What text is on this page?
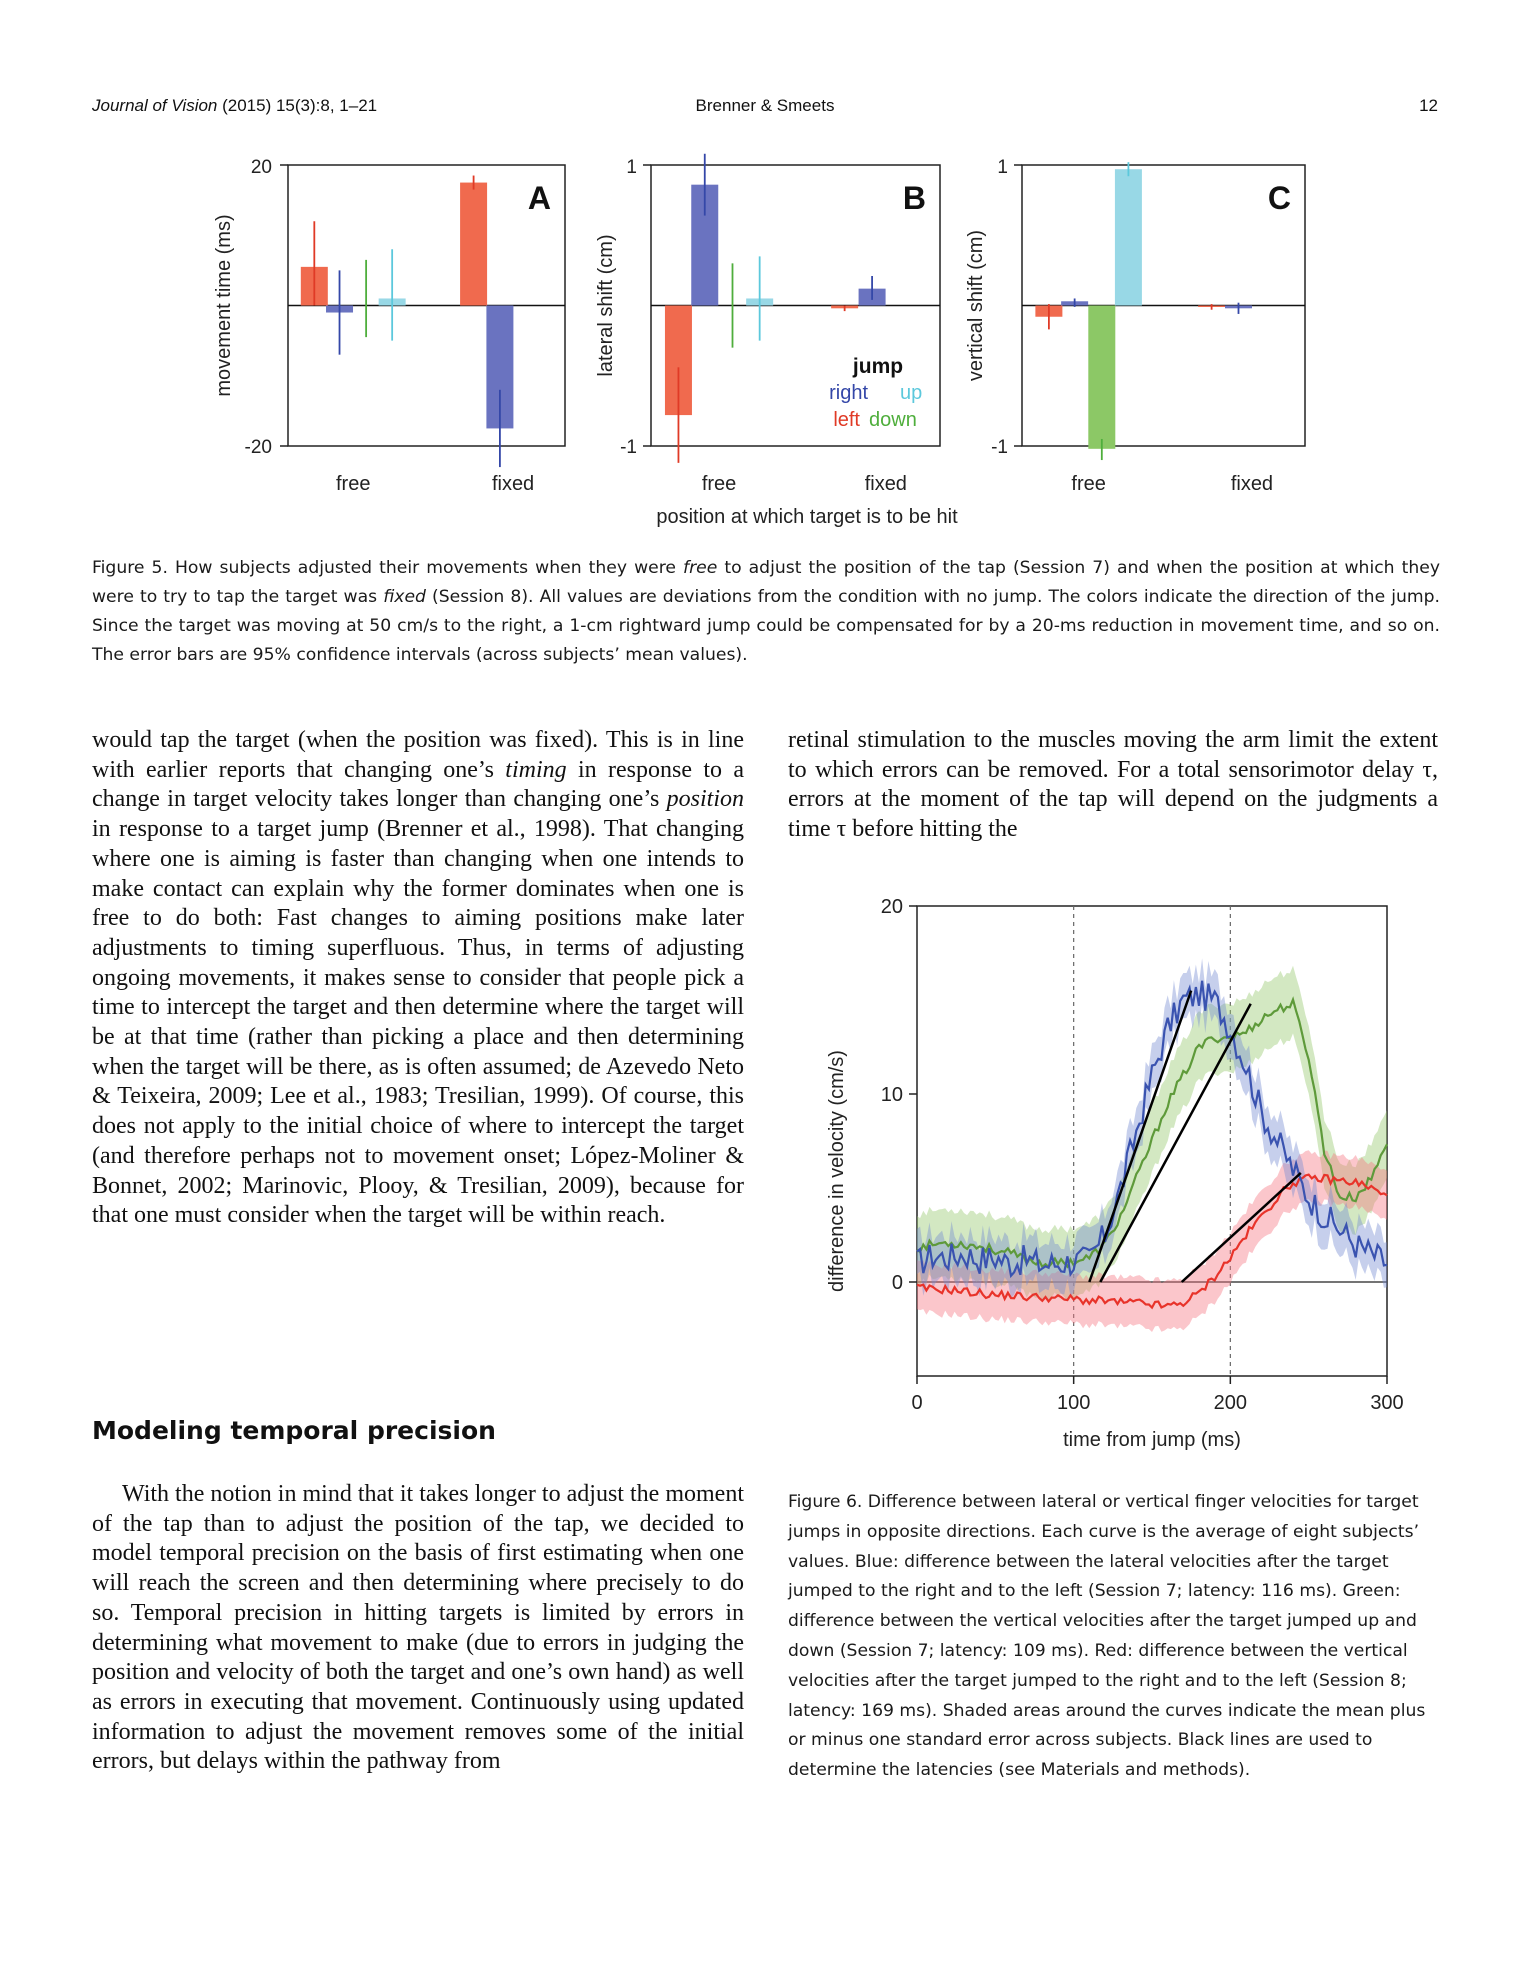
Journal of Vision (2015) 15(3):8, 1–21	Brenner & Smeets	12
20
-20
movement time (ms)
A
free	fixed
1
-1
lateral shift (cm)
B
free	fixed
1
-1
vertical shift (cm)
C
free	fixed
jump
right up
left down
position at which target is to be hit
Figure 5. How subjects adjusted their movements when they were free to adjust the position of the tap (Session 7) and when the position at which they were to try to tap the target was fixed (Session 8). All values are deviations from the condition with no jump. The colors indicate the direction of the jump. Since the target was moving at 50 cm/s to the right, a 1-cm rightward jump could be compensated for by a 20-ms reduction in movement time, and so on. The error bars are 95% confidence intervals (across subjects’ mean values).
would tap the target (when the position was fixed). This is in line with earlier reports that changing one’s timing in response to a change in target velocity takes longer than changing one’s position in response to a target jump (Brenner et al., 1998). That changing where one is aiming is faster than changing when one intends to make contact can explain why the former dominates when one is free to do both: Fast changes to aiming positions make later adjustments to timing superfluous. Thus, in terms of adjusting ongoing movements, it makes sense to consider that people pick a time to intercept the target and then determine where the target will be at that time (rather than picking a place and then determining when the target will be there, as is often assumed; de Azevedo Neto & Teixeira, 2009; Lee et al., 1983; Tresilian, 1999). Of course, this does not apply to the initial choice of where to intercept the target (and therefore perhaps not to movement onset; López-Moliner & Bonnet, 2002; Marinovic, Plooy, & Tresilian, 2009), because for that one must consider when the target will be within reach.
Modeling temporal precision
With the notion in mind that it takes longer to adjust the moment of the tap than to adjust the position of the tap, we decided to model temporal precision on the basis of first estimating when one will reach the screen and then determining where precisely to do so. Temporal precision in hitting targets is limited by errors in determining what movement to make (due to errors in judging the position and velocity of both the target and one’s own hand) as well as errors in executing that movement. Continuously using updated information to adjust the movement removes some of the initial errors, but delays within the pathway from
retinal stimulation to the muscles moving the arm limit the extent to which errors can be removed. For a total sensorimotor delay τ, errors at the moment of the tap will depend on the judgments a time τ before hitting the
0	100	200	300
0
10
20
time from jump (ms)
difference in velocity (cm/s)
Figure 6. Difference between lateral or vertical finger velocities for target jumps in opposite directions. Each curve is the average of eight subjects’ values. Blue: difference between the lateral velocities after the target jumped to the right and to the left (Session 7; latency: 116 ms). Green: difference between the vertical velocities after the target jumped up and down (Session 7; latency: 109 ms). Red: difference between the vertical velocities after the target jumped to the right and to the left (Session 8; latency: 169 ms). Shaded areas around the curves indicate the mean plus or minus one standard error across subjects. Black lines are used to determine the latencies (see Materials and methods).
